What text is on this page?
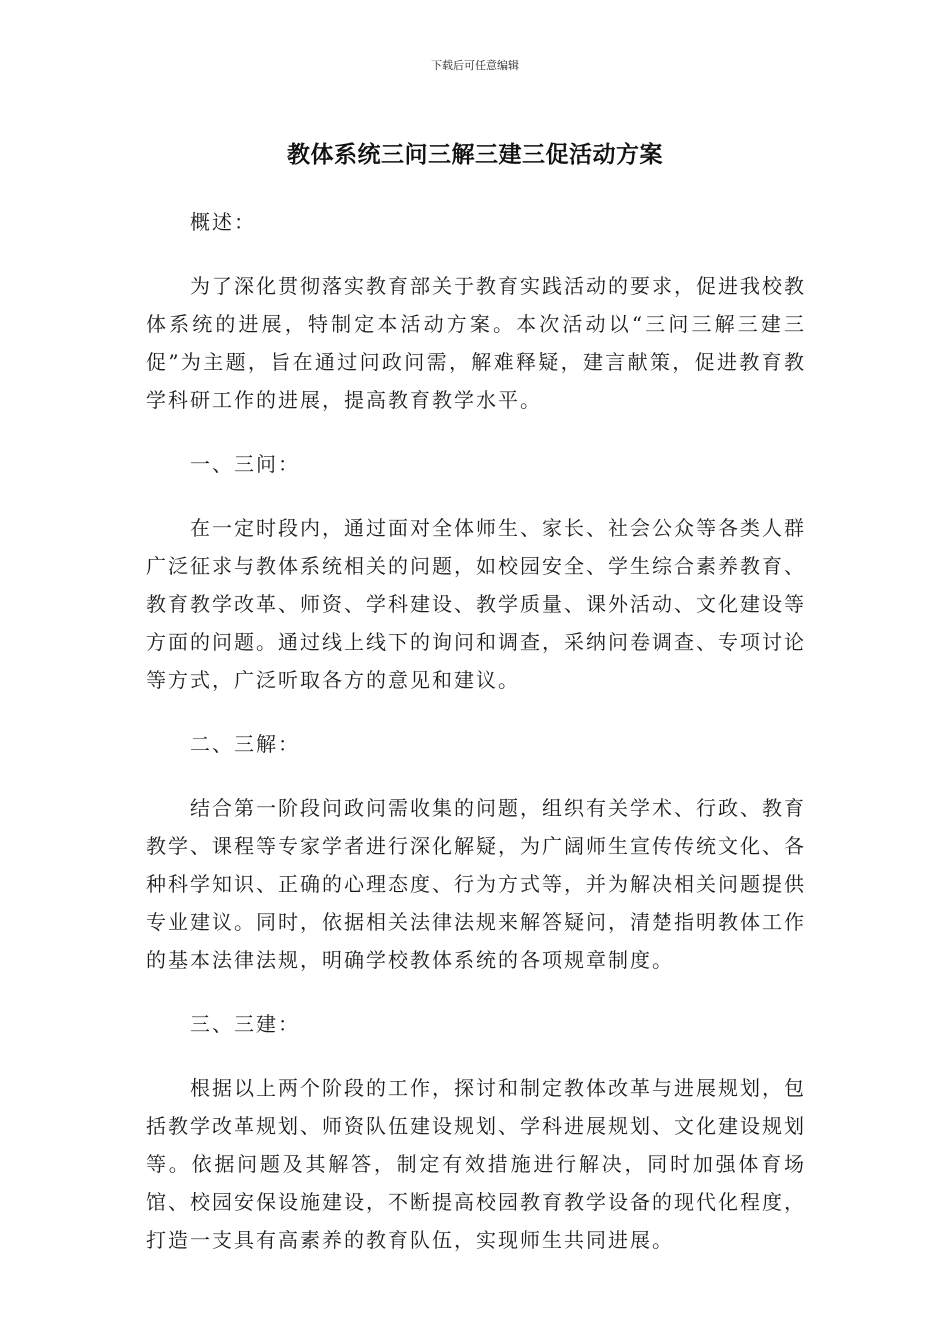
下载后可任意编辑
教体系统三问三解三建三促活动方案

概述：

为了深化贯彻落实教育部关于教育实践活动的要求，促进我校教体系统的进展，特制定本活动方案。本次活动以“三问三解三建三促”为主题，旨在通过问政问需，解难释疑，建言献策，促进教育教学科研工作的进展，提高教育教学水平。

一、三问：

在一定时段内，通过面对全体师生、家长、社会公众等各类人群广泛征求与教体系统相关的问题，如校园安全、学生综合素养教育、教育教学改革、师资、学科建设、教学质量、课外活动、文化建设等方面的问题。通过线上线下的询问和调查，采纳问卷调查、专项讨论等方式，广泛听取各方的意见和建议。

二、三解：

结合第一阶段问政问需收集的问题，组织有关学术、行政、教育教学、课程等专家学者进行深化解疑，为广阔师生宣传传统文化、各种科学知识、正确的心理态度、行为方式等，并为解决相关问题提供专业建议。同时，依据相关法律法规来解答疑问，清楚指明教体工作的基本法律法规，明确学校教体系统的各项规章制度。

三、三建：

根据以上两个阶段的工作，探讨和制定教体改革与进展规划，包括教学改革规划、师资队伍建设规划、学科进展规划、文化建设规划等。依据问题及其解答，制定有效措施进行解决，同时加强体育场馆、校园安保设施建设，不断提高校园教育教学设备的现代化程度，打造一支具有高素养的教育队伍，实现师生共同进展。
